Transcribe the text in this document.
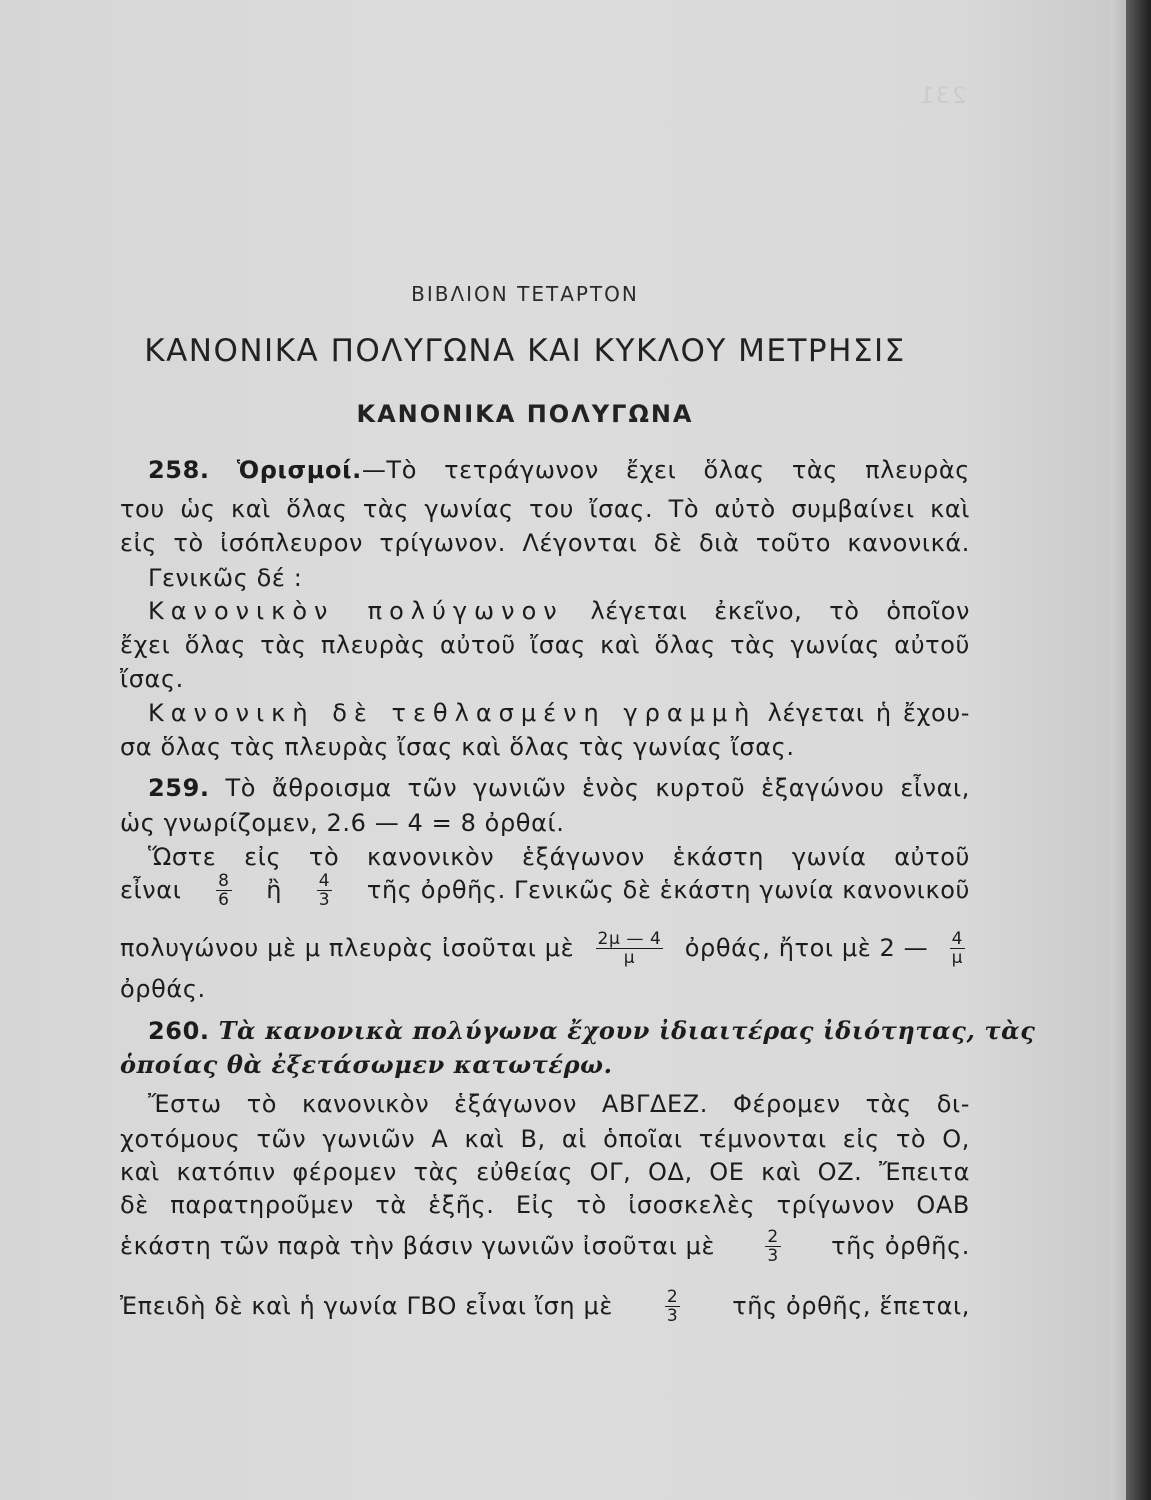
231
ΒΙΒΛΙΟΝ ΤΕΤΑΡΤΟΝ
ΚΑΝΟΝΙΚΑ ΠΟΛΥΓΩΝΑ ΚΑΙ ΚΥΚΛΟΥ ΜΕΤΡΗΣΙΣ
ΚΑΝΟΝΙΚΑ ΠΟΛΥΓΩΝΑ
258. Ὁρισμοί.—Τὸ τετράγωνον ἔχει ὅλας τὰς πλευρὰς
του ὡς καὶ ὅλας τὰς γωνίας του ἴσας. Τὸ αὐτὸ συμβαίνει καὶ
εἰς τὸ ἰσόπλευρον τρίγωνον. Λέγονται δὲ διὰ τοῦτο κανονικά.
Γενικῶς δέ :
Κανονικὸν πολύγωνον λέγεται ἐκεῖνο, τὸ ὁποῖον
ἔχει ὅλας τὰς πλευρὰς αὐτοῦ ἴσας καὶ ὅλας τὰς γωνίας αὐτοῦ
ἴσας.
Κανονικὴ δὲ τεθλασμένη γραμμὴ λέγεται ἡ ἔχου-
σα ὅλας τὰς πλευρὰς ἴσας καὶ ὅλας τὰς γωνίας ἴσας.
259. Τὸ ἄθροισμα τῶν γωνιῶν ἑνὸς κυρτοῦ ἑξαγώνου εἶναι,
ὡς γνωρίζομεν, 2.6 — 4 = 8 ὀρθαί.
Ὥστε εἰς τὸ κανονικὸν ἑξάγωνον ἑκάστη γωνία αὐτοῦ
εἶναι $\frac{8}{6}$ ἢ $\frac{4}{3}$ τῆς ὀρθῆς. Γενικῶς δὲ ἑκάστη γωνία κανονικοῦ
πολυγώνου μὲ μ πλευρὰς ἰσοῦται μὲ $\frac{2\mu — 4}{\mu}$ ὀρθάς, ἤτοι μὲ 2 — $\frac{4}{\mu}$
ὀρθάς.
260. Τὰ κανονικὰ πολύγωνα ἔχουν ἰδιαιτέρας ἰδιότητας, τὰς
ὁποίας θὰ ἐξετάσωμεν κατωτέρω.
Ἔστω τὸ κανονικὸν ἑξάγωνον ΑΒΓΔΕΖ. Φέρομεν τὰς δι-
χοτόμους τῶν γωνιῶν Α καὶ Β, αἱ ὁποῖαι τέμνονται εἰς τὸ Ο,
καὶ κατόπιν φέρομεν τὰς εὐθείας ΟΓ, ΟΔ, ΟΕ καὶ ΟΖ. Ἔπειτα
δὲ παρατηροῦμεν τὰ ἑξῆς. Εἰς τὸ ἰσοσκελὲς τρίγωνον ΟΑΒ
ἑκάστη τῶν παρὰ τὴν βάσιν γωνιῶν ἰσοῦται μὲ	$\frac{2}{3}$ τῆς ὀρθῆς.
Ἐπειδὴ δὲ καὶ ἡ γωνία ΓΒΟ εἶναι ἴση μὲ	$\frac{2}{3}$ τῆς ὀρθῆς, ἕπεται,
